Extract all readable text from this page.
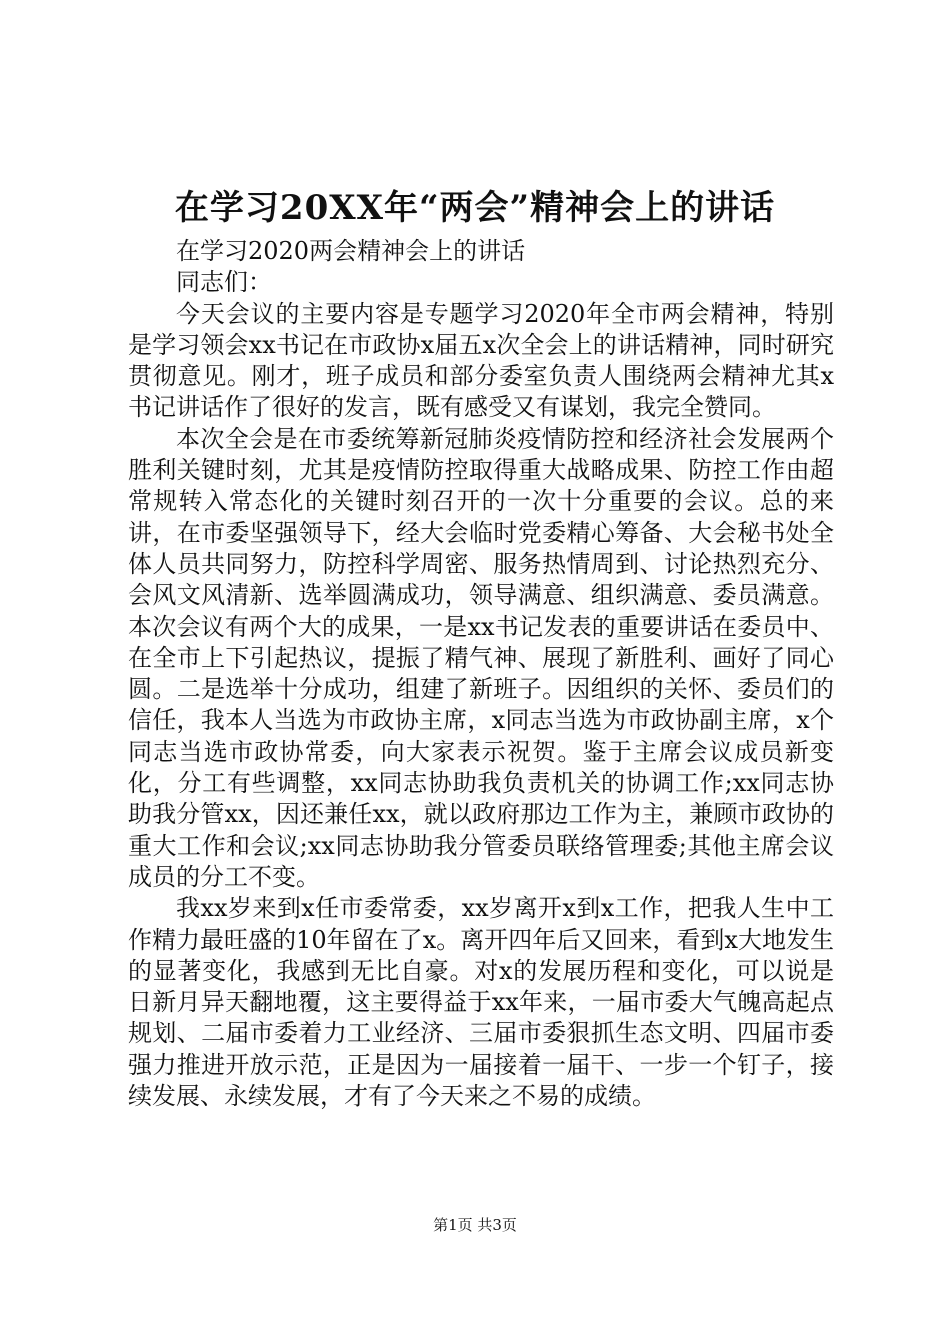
在学习20XX年“两会”精神会上的讲话

在学习2020两会精神会上的讲话

同志们：

今天会议的主要内容是专题学习2020年全市两会精神，特别是学习领会xx书记在市政协x届五x次全会上的讲话精神，同时研究贯彻意见。刚才，班子成员和部分委室负责人围绕两会精神尤其x书记讲话作了很好的发言，既有感受又有谋划，我完全赞同。

本次全会是在市委统筹新冠肺炎疫情防控和经济社会发展两个胜利关键时刻，尤其是疫情防控取得重大战略成果、防控工作由超常规转入常态化的关键时刻召开的一次十分重要的会议。总的来讲，在市委坚强领导下，经大会临时党委精心筹备、大会秘书处全体人员共同努力，防控科学周密、服务热情周到、讨论热烈充分、会风文风清新、选举圆满成功，领导满意、组织满意、委员满意。本次会议有两个大的成果，一是xx书记发表的重要讲话在委员中、在全市上下引起热议，提振了精气神、展现了新胜利、画好了同心圆。二是选举十分成功，组建了新班子。因组织的关怀、委员们的信任，我本人当选为市政协主席，x同志当选为市政协副主席，x个同志当选市政协常委，向大家表示祝贺。鉴于主席会议成员新变化，分工有些调整，xx同志协助我负责机关的协调工作;xx同志协助我分管xx，因还兼任xx，就以政府那边工作为主，兼顾市政协的重大工作和会议;xx同志协助我分管委员联络管理委;其他主席会议成员的分工不变。

我xx岁来到x任市委常委，xx岁离开x到x工作，把我人生中工作精力最旺盛的10年留在了x。离开四年后又回来，看到x大地发生的显著变化，我感到无比自豪。对x的发展历程和变化，可以说是日新月异天翻地覆，这主要得益于xx年来，一届市委大气魄高起点规划、二届市委着力工业经济、三届市委狠抓生态文明、四届市委强力推进开放示范，正是因为一届接着一届干、一步一个钉子，接续发展、永续发展，才有了今天来之不易的成绩。

第1页 共3页
